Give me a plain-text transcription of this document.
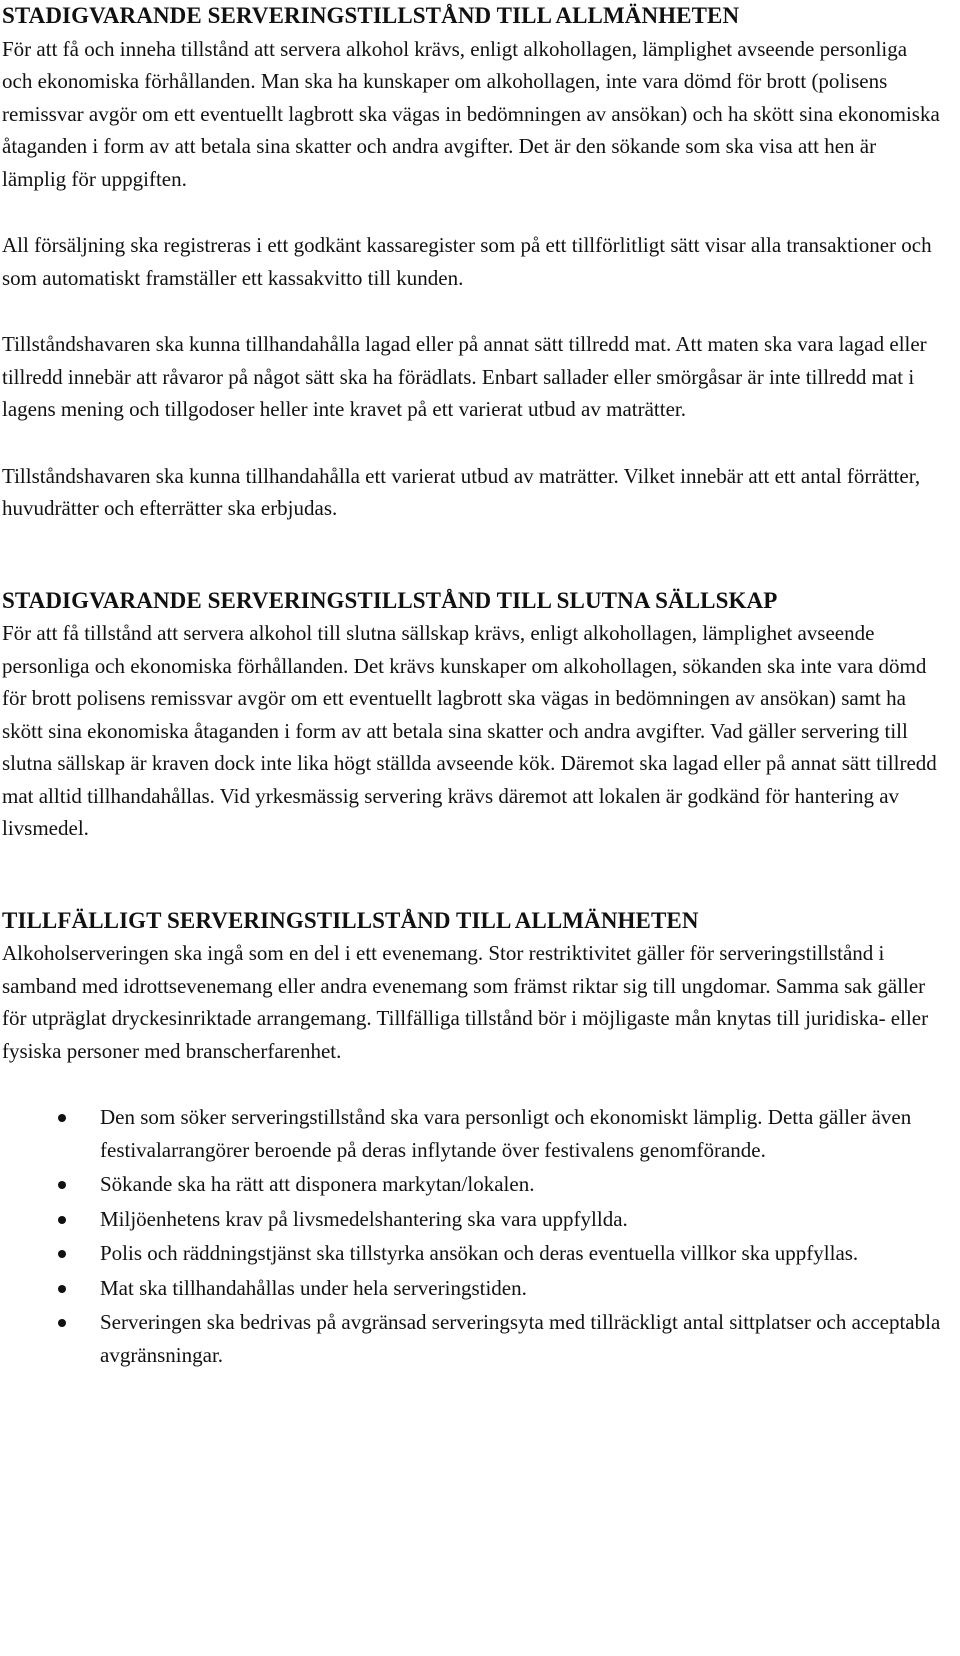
STADIGVARANDE SERVERINGSTILLSTÅND TILL ALLMÄNHETEN

För att få och inneha tillstånd att servera alkohol krävs, enligt alkohollagen, lämplighet avseende personliga och ekonomiska förhållanden. Man ska ha kunskaper om alkohollagen, inte vara dömd för brott (polisens remissvar avgör om ett eventuellt lagbrott ska vägas in bedömningen av ansökan) och ha skött sina ekonomiska åtaganden i form av att betala sina skatter och andra avgifter. Det är den sökande som ska visa att hen är lämplig för uppgiften.

All försäljning ska registreras i ett godkänt kassaregister som på ett tillförlitligt sätt visar alla transaktioner och som automatiskt framställer ett kassakvitto till kunden.

Tillståndshavaren ska kunna tillhandahålla lagad eller på annat sätt tillredd mat. Att maten ska vara lagad eller tillredd innebär att råvaror på något sätt ska ha förädlats. Enbart sallader eller smörgåsar är inte tillredd mat i lagens mening och tillgodoser heller inte kravet på ett varierat utbud av maträtter.

Tillståndshavaren ska kunna tillhandahålla ett varierat utbud av maträtter. Vilket innebär att ett antal förrätter, huvudrätter och efterrätter ska erbjudas.

STADIGVARANDE SERVERINGSTILLSTÅND TILL SLUTNA SÄLLSKAP

För att få tillstånd att servera alkohol till slutna sällskap krävs, enligt alkohollagen, lämplighet avseende personliga och ekonomiska förhållanden. Det krävs kunskaper om alkohollagen, sökanden ska inte vara dömd för brott polisens remissvar avgör om ett eventuellt lagbrott ska vägas in bedömningen av ansökan) samt ha skött sina ekonomiska åtaganden i form av att betala sina skatter och andra avgifter. Vad gäller servering till slutna sällskap är kraven dock inte lika högt ställda avseende kök. Däremot ska lagad eller på annat sätt tillredd mat alltid tillhandahållas. Vid yrkesmässig servering krävs däremot att lokalen är godkänd för hantering av livsmedel.

TILLFÄLLIGT SERVERINGSTILLSTÅND TILL ALLMÄNHETEN

Alkoholserveringen ska ingå som en del i ett evenemang. Stor restriktivitet gäller för serveringstillstånd i samband med idrottsevenemang eller andra evenemang som främst riktar sig till ungdomar. Samma sak gäller för utpräglat dryckesinriktade arrangemang. Tillfälliga tillstånd bör i möjligaste mån knytas till juridiska- eller fysiska personer med branscherfarenhet.

Den som söker serveringstillstånd ska vara personligt och ekonomiskt lämplig. Detta gäller även festivalarrangörer beroende på deras inflytande över festivalens genomförande.
Sökande ska ha rätt att disponera markytan/lokalen.
Miljöenhetens krav på livsmedelshantering ska vara uppfyllda.
Polis och räddningstjänst ska tillstyrka ansökan och deras eventuella villkor ska uppfyllas.
Mat ska tillhandahållas under hela serveringstiden.
Serveringen ska bedrivas på avgränsad serveringsyta med tillräckligt antal sittplatser och acceptabla avgränsningar.
